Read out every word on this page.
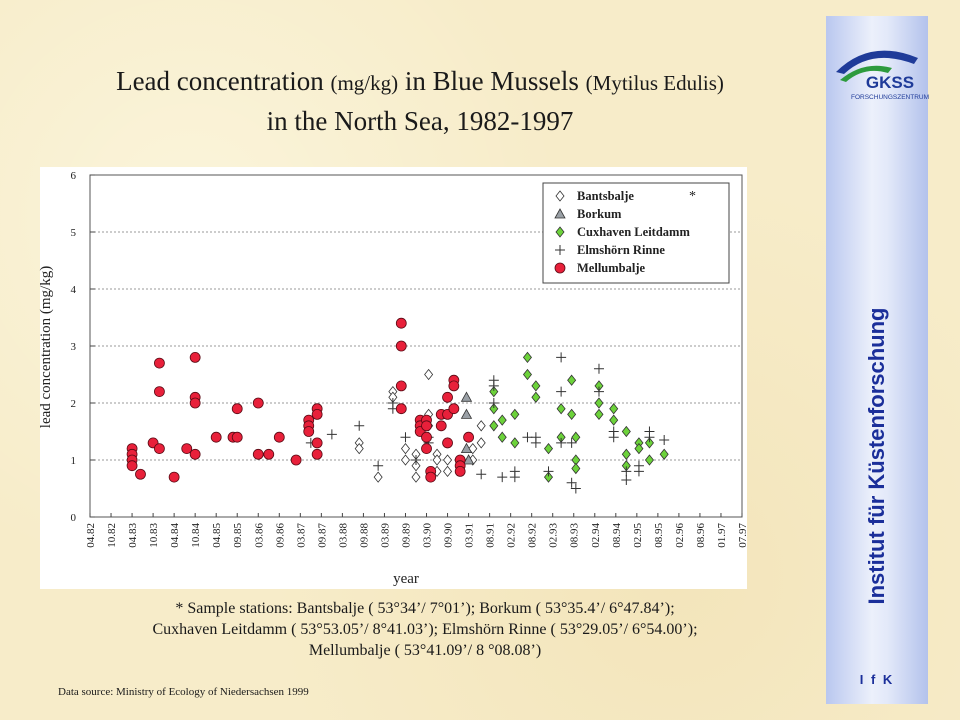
Lead concentration (mg/kg) in Blue Mussels (Mytilus Edulis)
in the North Sea, 1982-1997
0
1
2
3
4
5
6
04.82 10.82 04.83 10.83 04.84 10.84 04.85 09.85 03.86 09.86 03.87 09.87 03.88 09.88 03.89 09.89 03.90 09.90 03.91 08.91 02.92 08.92 02.93 08.93 02.94 08.94 02.95 08.95 02.96 08.96 01.97 07.97
lead concentration (mg/kg)
year
Bantsbalje
Borkum
Cuxhaven Leitdamm
Elmshörn Rinne
Mellumbalje
*
* Sample stations: Bantsbalje ( 53°34’/ 7°01’); Borkum ( 53°35.4’/ 6°47.84’);
Cuxhaven Leitdamm ( 53°53.05’/ 8°41.03’); Elmshörn Rinne ( 53°29.05’/ 6°54.00’);
Mellumbalje ( 53°41.09’/ 8 °08.08’)
Data source: Ministry of Ecology of Niedersachsen 1999
GKSS
FORSCHUNGSZENTRUM
Institut für Küstenforschung
I f K
